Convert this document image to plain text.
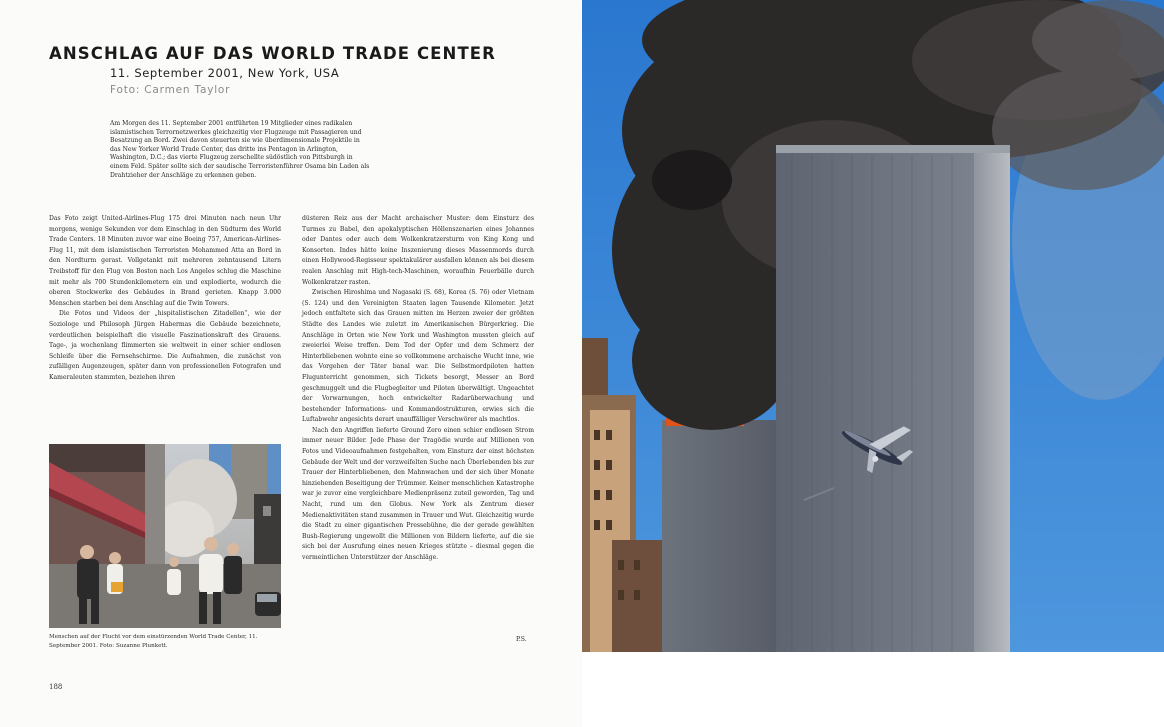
ANSCHLAG AUF DAS WORLD TRADE CENTER
11. September 2001, New York, USA
Foto: Carmen Taylor

Am Morgen des 11. September 2001 entführten 19 Mitglieder eines radikalen islamistischen Terrornetzwerkes gleichzeitig vier Flugzeuge mit Passagieren und Besatzung an Bord. Zwei davon steuerten sie wie überdimensionale Projektile in das New Yorker World Trade Center, das dritte ins Pentagon in Arlington, Washington, D.C.; das vierte Flugzeug zerschellte südöstlich von Pittsburgh in einem Feld. Später sollte sich der saudische Terroristenführer Osama bin Laden als Drahtzieher der Anschläge zu erkennen geben.

Das Foto zeigt United-Airlines-Flug 175 drei Minuten nach neun Uhr morgens, wenige Sekunden vor dem Einschlag in den Südturm des World Trade Centers. 18 Minuten zuvor war eine Boeing 757, American-Airlines-Flug 11, mit dem islamistischen Terroristen Mohammed Atta an Bord in den Nordturm gerast. Vollgetankt mit mehreren zehntausend Litern Treibstoff für den Flug von Boston nach Los Angeles schlug die Maschine mit mehr als 700 Stundenkilometern ein und explodierte, wodurch die oberen Stockwerke des Gebäudes in Brand gerieten. Knapp 3.000 Menschen starben bei dem Anschlag auf die Twin Towers.

Die Fotos und Videos der „hispitalistischen Zitadellen“, wie der Soziologe und Philosoph Jürgen Habermas die Gebäude bezeichnete, verdeutlichen beispielhaft die visuelle Faszinationskraft des Grauens. Tage-, ja wochenlang flimmerten sie weltweit in einer schier endlosen Schleife über die Fernsehschirme. Die Aufnahmen, die zunächst von zufälligen Augenzeugen, später dann von professionellen Fotografen und Kameraleuten stammten, beziehen ihren

düsteren Reiz aus der Macht archaischer Muster: dem Einsturz des Turmes zu Babel, den apokalyptischen Höllenszenarien eines Johannes oder Dantes oder auch dem Wolkenkratzersturm von King Kong und Konsorten. Indes hätte keine Inszenierung dieses Massenmords durch einen Hollywood-Regisseur spektakulärer ausfallen können als bei diesem realen Anschlag mit High-tech-Maschinen, woraufhin Feuerbälle durch Wolkenkratzer rasten.

Zwischen Hiroshima und Nagasaki (S. 68), Korea (S. 76) oder Vietnam (S. 124) und den Vereinigten Staaten lagen Tausende Kilometer. Jetzt jedoch entfaltete sich das Grauen mitten im Herzen zweier der größten Städte des Landes wie zuletzt im Amerikanischen Bürgerkrieg. Die Anschläge in Orten wie New York und Washington mussten gleich auf zweierlei Weise treffen. Dem Tod der Opfer und dem Schmerz der Hinterbliebenen wohnte eine so vollkommene archaische Wucht inne, wie das Vorgehen der Täter banal war. Die Selbstmordpiloten hatten Flugunterricht genommen, sich Tickets besorgt, Messer an Bord geschmuggelt und die Flugbegleiter und Piloten überwältigt. Ungeachtet der Vorwarnungen, hoch entwickelter Radarüberwachung und bestehender Informations- und Kommandostrukturen, erwies sich die Luftabwehr angesichts derart unauffälliger Verschwörer als machtlos.

Nach den Angriffen lieferte Ground Zero einen schier endlosen Strom immer neuer Bilder. Jede Phase der Tragödie wurde auf Millionen von Fotos und Videoaufnahmen festgehalten, vom Einsturz der einst höchsten Gebäude der Welt und der verzweifelten Suche nach Überlebenden bis zur Trauer der Hinterbliebenen, den Mahnwachen und der sich über Monate hinziehenden Beseitigung der Trümmer. Keiner menschlichen Katastrophe war je zuvor eine vergleichbare Medienpräsenz zuteil geworden, Tag und Nacht, rund um den Globus. New York als Zentrum dieser Medienaktivitäten stand zusammen in Trauer und Wut. Gleichzeitig wurde die Stadt zu einer gigantischen Pressebühne, die der gerade gewählten Bush-Regierung ungewollt die Millionen von Bildern lieferte, auf die sie sich bei der Ausrufung eines neuen Krieges stützte – diesmal gegen die vermeintlichen Unterstützer der Anschläge.

P.S.

Menschen auf der Flucht vor dem einstürzenden World Trade Center, 11. September 2001. Foto: Suzanne Plunkett.

188
